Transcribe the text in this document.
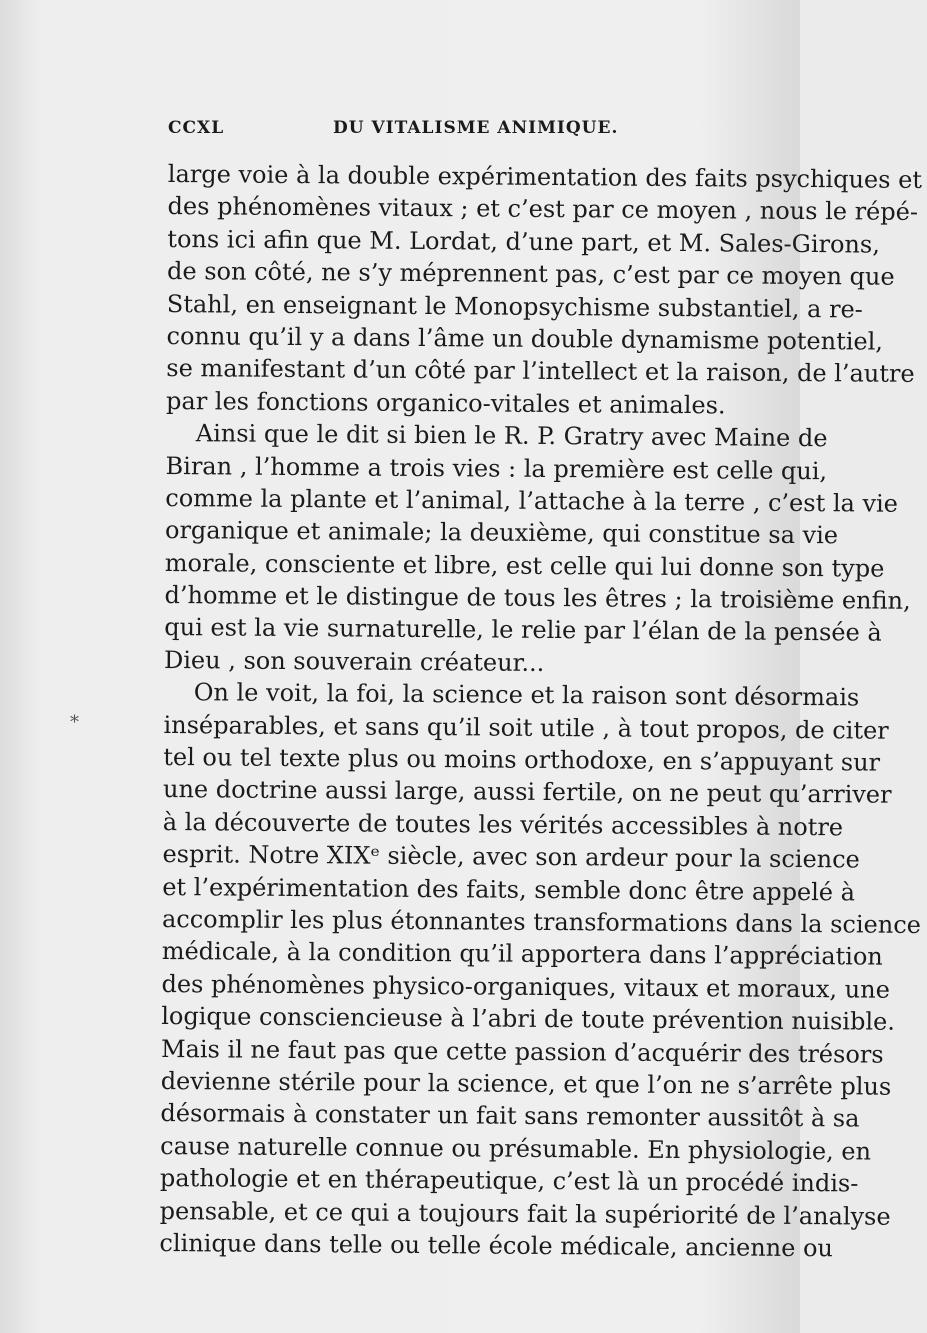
CCXL	DU VITALISME ANIMIQUE.
large voie à la double expérimentation des faits psychiques et
des phénomènes vitaux ; et c’est par ce moyen , nous le répé-
tons ici afin que M. Lordat, d’une part, et M. Sales-Girons,
de son côté, ne s’y méprennent pas, c’est par ce moyen que
Stahl, en enseignant le Monopsychisme substantiel, a re-
connu qu’il y a dans l’âme un double dynamisme potentiel,
se manifestant d’un côté par l’intellect et la raison, de l’autre
par les fonctions organico-vitales et animales.
Ainsi que le dit si bien le R. P. Gratry avec Maine de
Biran , l’homme a trois vies : la première est celle qui,
comme la plante et l’animal, l’attache à la terre , c’est la vie
organique et animale; la deuxième, qui constitue sa vie
morale, consciente et libre, est celle qui lui donne son type
d’homme et le distingue de tous les êtres ; la troisième enfin,
qui est la vie surnaturelle, le relie par l’élan de la pensée à
Dieu , son souverain créateur...
On le voit, la foi, la science et la raison sont désormais
inséparables, et sans qu’il soit utile , à tout propos, de citer
tel ou tel texte plus ou moins orthodoxe, en s’appuyant sur
une doctrine aussi large, aussi fertile, on ne peut qu’arriver
à la découverte de toutes les vérités accessibles à notre
esprit. Notre XIXᵉ siècle, avec son ardeur pour la science
et l’expérimentation des faits, semble donc être appelé à
accomplir les plus étonnantes transformations dans la science
médicale, à la condition qu’il apportera dans l’appréciation
des phénomènes physico-organiques, vitaux et moraux, une
logique consciencieuse à l’abri de toute prévention nuisible.
Mais il ne faut pas que cette passion d’acquérir des trésors
devienne stérile pour la science, et que l’on ne s’arrête plus
désormais à constater un fait sans remonter aussitôt à sa
cause naturelle connue ou présumable. En physiologie, en
pathologie et en thérapeutique, c’est là un procédé indis-
pensable, et ce qui a toujours fait la supériorité de l’analyse
clinique dans telle ou telle école médicale, ancienne ou
*
